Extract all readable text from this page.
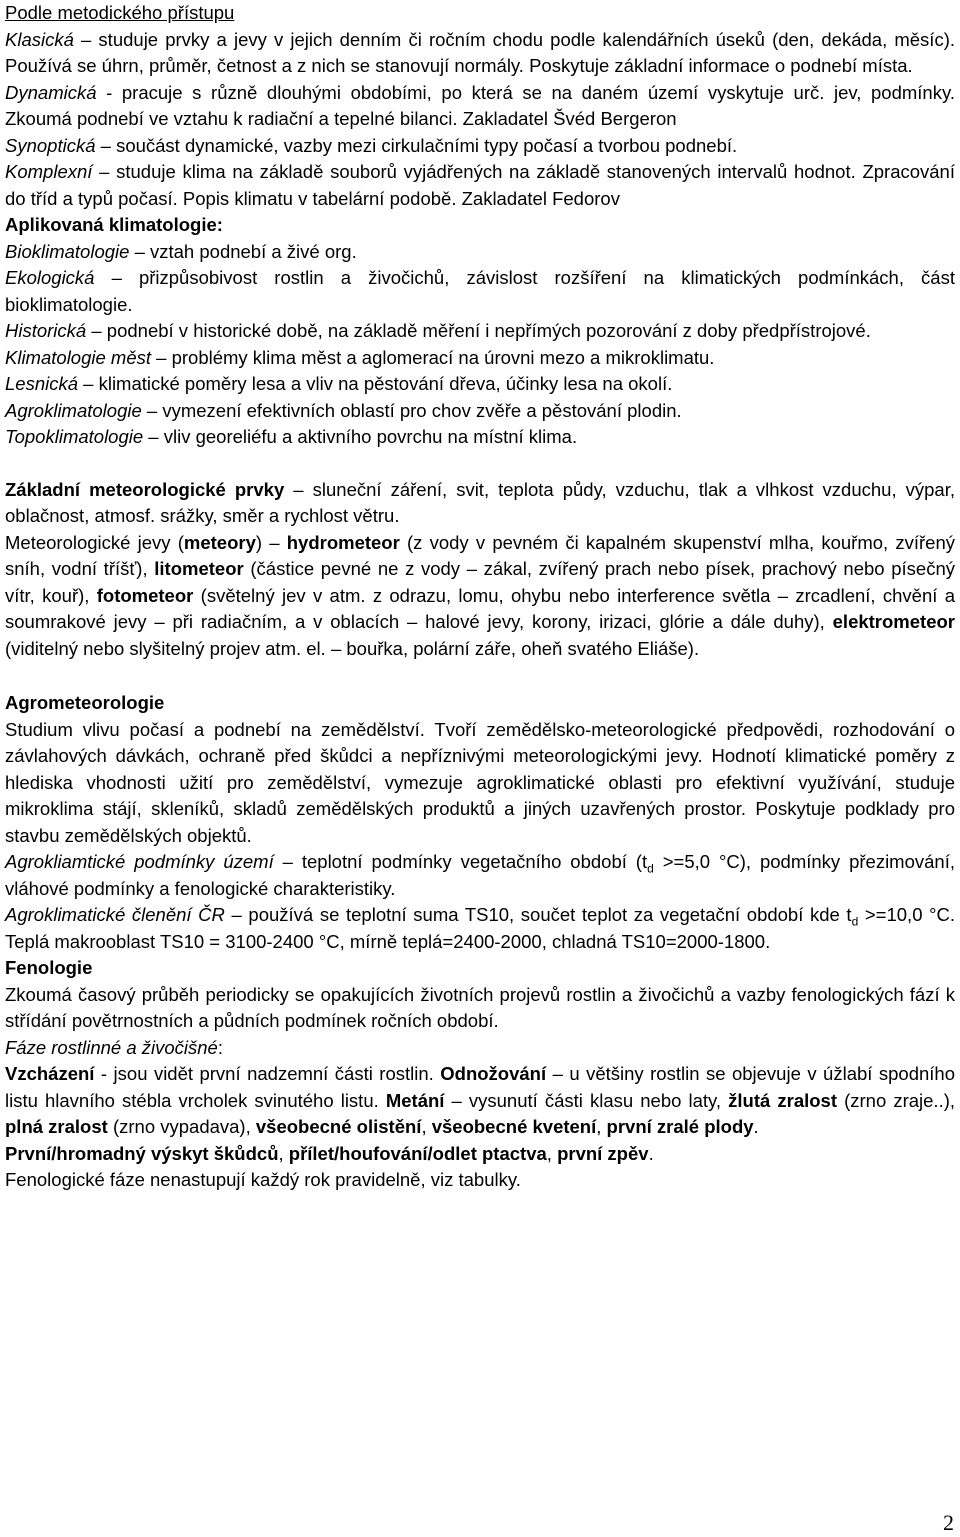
Podle metodického přístupu

Klasická – studuje prvky a jevy v jejich denním či ročním chodu podle kalendářních úseků (den, dekáda, měsíc). Používá se úhrn, průměr, četnost a z nich se stanovují normály. Poskytuje základní informace o podnebí místa.

Dynamická - pracuje s různě dlouhými obdobími, po která se na daném území vyskytuje urč. jev, podmínky. Zkoumá podnebí ve vztahu k radiační a tepelné bilanci. Zakladatel Švéd Bergeron

Synoptická – součást dynamické, vazby mezi cirkulačními typy počasí a tvorbou podnebí.

Komplexní – studuje klima na základě souborů vyjádřených na základě stanovených intervalů hodnot. Zpracování do tříd a typů počasí. Popis klimatu v tabelární podobě. Zakladatel Fedorov

Aplikovaná klimatologie:

Bioklimatologie – vztah podnebí a živé org.

Ekologická – přizpůsobivost rostlin a živočichů, závislost rozšíření na klimatických podmínkách, část bioklimatologie.

Historická – podnebí v historické době, na základě měření i nepřímých pozorování z doby předpřístrojové.

Klimatologie měst – problémy klima měst a aglomerací na úrovni mezo a mikroklimatu.

Lesnická – klimatické poměry lesa a vliv na pěstování dřeva, účinky lesa na okolí.

Agroklimatologie – vymezení efektivních oblastí pro chov zvěře a pěstování plodin.

Topoklimatologie – vliv georeliéfu a aktivního povrchu na místní klima.

Základní meteorologické prvky – sluneční záření, svit, teplota půdy, vzduchu, tlak a vlhkost vzduchu, výpar, oblačnost, atmosf. srážky, směr a rychlost větru.

Meteorologické jevy (meteory) – hydrometeor (z vody v pevném či kapalném skupenství mlha, kouřmo, zvířený sníh, vodní tříšť), litometeor (částice pevné ne z vody – zákal, zvířený prach nebo písek, prachový nebo písečný vítr, kouř), fotometeor (světelný jev v atm. z odrazu, lomu, ohybu nebo interference světla – zrcadlení, chvění a soumrakové jevy – při radiačním, a v oblacích – halové jevy, korony, irizaci, glórie a dále duhy), elektrometeor (viditelný nebo slyšitelný projev atm. el. – bouřka, polární záře, oheň svatého Eliáše).

Agrometeorologie

Studium vlivu počasí a podnebí na zemědělství. Tvoří zemědělsko-meteorologické předpovědi, rozhodování o závlahových dávkách, ochraně před škůdci a nepříznivými meteorologickými jevy. Hodnotí klimatické poměry z hlediska vhodnosti užití pro zemědělství, vymezuje agroklimatické oblasti pro efektivní využívání, studuje mikroklima stájí, skleníků, skladů zemědělských produktů a jiných uzavřených prostor. Poskytuje podklady pro stavbu zemědělských objektů.

Agrokliamtické podmínky území – teplotní podmínky vegetačního období ($t_d >=5,0$ °C), podmínky přezimování, vláhové podmínky a fenologické charakteristiky.

Agroklimatické členění ČR – používá se teplotní suma TS10, součet teplot za vegetační období kde $t_d >=10,0$ °C. Teplá makrooblast TS10 = 3100-2400 °C, mírně teplá=2400-2000, chladná TS10=2000-1800.

Fenologie

Zkoumá časový průběh periodicky se opakujících životních projevů rostlin a živočichů a vazby fenologických fází k střídání povětrnostních a půdních podmínek ročních období.

Fáze rostlinné a živočišné:

Vzcházení - jsou vidět první nadzemní části rostlin. Odnožování – u většiny rostlin se objevuje v úžlabí spodního listu hlavního stébla vrcholek svinutého listu. Metání – vysunutí části klasu nebo laty, žlutá zralost (zrno zraje..), plná zralost (zrno vypadava), všeobecné olistění, všeobecné kvetení, první zralé plody.

První/hromadný výskyt škůdců, přílet/houfování/odlet ptactva, první zpěv.

Fenologické fáze nenastupují každý rok pravidelně, viz tabulky.

2
